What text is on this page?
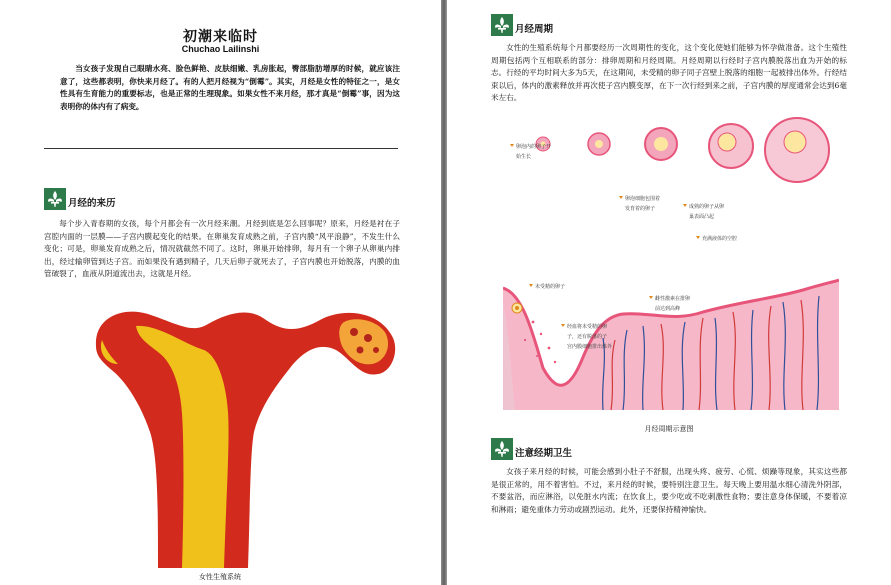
初潮来临时
Chuchao Lailinshi

当女孩子发现自己眼睛水亮、脸色鲜艳、皮肤细嫩、乳房胀起，臀部脂肪增厚的时候，就应该注意了，这些都表明，你快来月经了。有的人把月经视为“倒霉”。其实，月经是女性的特征之一，是女性具有生育能力的重要标志，也是正常的生理现象。如果女性不来月经，那才真是“倒霉”事，因为这表明你的体内有了病变。

月经的来历

每个步入青春期的女孩，每个月都会有一次月经来潮。月经到底是怎么回事呢？原来，月经是衬在子宫腔内面的一层膜——子宫内膜起变化的结果。在卵巢发育成熟之前，子宫内膜“风平浪静”，不发生什么变化；可是，卵巢发育成熟之后，情况就截然不同了。这时，卵巢开始排卵，每月有一个卵子从卵巢内排出，经过输卵管到达子宫。而如果没有遇到精子，几天后卵子就死去了，子宫内膜也开始脱落，内膜的血管破裂了，血液从阴道流出去，这就是月经。

女性生殖系统
月经周期

女性的生殖系统每个月都要经历一次周期性的变化，这个变化使她们能够为怀孕做准备。这个生殖性周期包括两个互相联系的部分：排卵周期和月经周期。月经周期以行经时子宫内膜脱落出血为开始的标志。行经的平均时间大多为5天，在这期间，未受精的卵子同子宫壁上脱落的细胞一起被排出体外。行经结束以后，体内的激素释放并再次使子宫内膜变厚，在下一次行经到来之前，子宫内膜的厚度通常会达到6毫米左右。

卵泡内的卵子开
始生长
卵泡细胞包围着
发育着的卵子	成熟的卵子从卵
巢表面凸起
充满液体的空腔
未受精的卵子
雌性激素在排卵
前达到高峰
经血将未受精的卵
子，还有脱落的子
宫内膜细胞排出体外
月经周期示意图
注意经期卫生

女孩子来月经的时候，可能会感到小肚子不舒服，出现头疼、疲劳、心慌、烦躁等现象，其实这些都是很正常的，用不着害怕。不过，来月经的时候，要特别注意卫生。每天晚上要用温水细心清洗外阴部，不要盆浴，而应淋浴，以免脏水内流；在饮食上，要少吃或不吃刺激性食物；要注意身体保暖，不要着凉和淋雨；避免重体力劳动或剧烈运动。此外，还要保持精神愉快。
